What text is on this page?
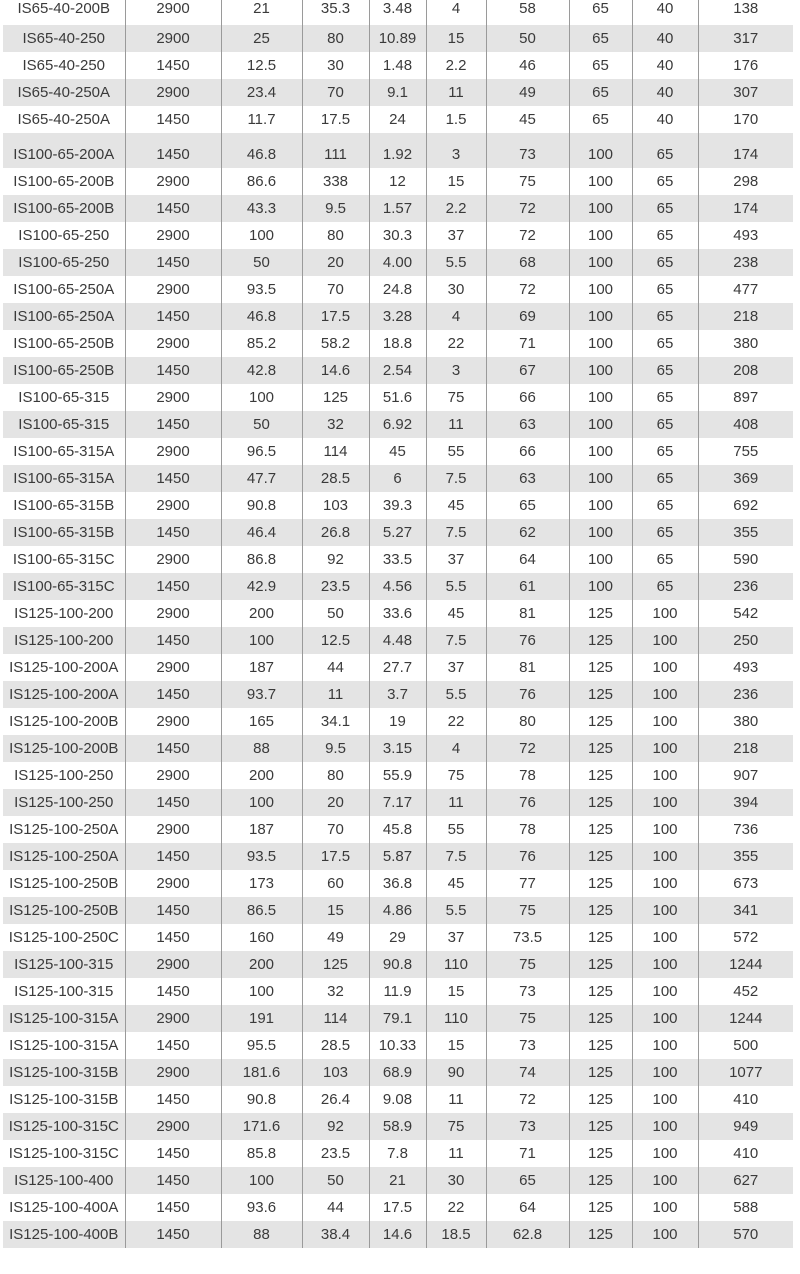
IS65-40-200B	2900	21	35.3	3.48	4	58	65	40	138
IS65-40-250	2900	25	80	10.89	15	50	65	40	317
IS65-40-250	1450	12.5	30	1.48	2.2	46	65	40	176
IS65-40-250A	2900	23.4	70	9.1	11	49	65	40	307
IS65-40-250A	1450	11.7	17.5	24	1.5	45	65	40	170
IS100-65-200A	1450	46.8	111	1.92	3	73	100	65	174
IS100-65-200B	2900	86.6	338	12	15	75	100	65	298
IS100-65-200B	1450	43.3	9.5	1.57	2.2	72	100	65	174
IS100-65-250	2900	100	80	30.3	37	72	100	65	493
IS100-65-250	1450	50	20	4.00	5.5	68	100	65	238
IS100-65-250A	2900	93.5	70	24.8	30	72	100	65	477
IS100-65-250A	1450	46.8	17.5	3.28	4	69	100	65	218
IS100-65-250B	2900	85.2	58.2	18.8	22	71	100	65	380
IS100-65-250B	1450	42.8	14.6	2.54	3	67	100	65	208
IS100-65-315	2900	100	125	51.6	75	66	100	65	897
IS100-65-315	1450	50	32	6.92	11	63	100	65	408
IS100-65-315A	2900	96.5	114	45	55	66	100	65	755
IS100-65-315A	1450	47.7	28.5	6	7.5	63	100	65	369
IS100-65-315B	2900	90.8	103	39.3	45	65	100	65	692
IS100-65-315B	1450	46.4	26.8	5.27	7.5	62	100	65	355
IS100-65-315C	2900	86.8	92	33.5	37	64	100	65	590
IS100-65-315C	1450	42.9	23.5	4.56	5.5	61	100	65	236
IS125-100-200	2900	200	50	33.6	45	81	125	100	542
IS125-100-200	1450	100	12.5	4.48	7.5	76	125	100	250
IS125-100-200A	2900	187	44	27.7	37	81	125	100	493
IS125-100-200A	1450	93.7	11	3.7	5.5	76	125	100	236
IS125-100-200B	2900	165	34.1	19	22	80	125	100	380
IS125-100-200B	1450	88	9.5	3.15	4	72	125	100	218
IS125-100-250	2900	200	80	55.9	75	78	125	100	907
IS125-100-250	1450	100	20	7.17	11	76	125	100	394
IS125-100-250A	2900	187	70	45.8	55	78	125	100	736
IS125-100-250A	1450	93.5	17.5	5.87	7.5	76	125	100	355
IS125-100-250B	2900	173	60	36.8	45	77	125	100	673
IS125-100-250B	1450	86.5	15	4.86	5.5	75	125	100	341
IS125-100-250C	1450	160	49	29	37	73.5	125	100	572
IS125-100-315	2900	200	125	90.8	110	75	125	100	1244
IS125-100-315	1450	100	32	11.9	15	73	125	100	452
IS125-100-315A	2900	191	114	79.1	110	75	125	100	1244
IS125-100-315A	1450	95.5	28.5	10.33	15	73	125	100	500
IS125-100-315B	2900	181.6	103	68.9	90	74	125	100	1077
IS125-100-315B	1450	90.8	26.4	9.08	11	72	125	100	410
IS125-100-315C	2900	171.6	92	58.9	75	73	125	100	949
IS125-100-315C	1450	85.8	23.5	7.8	11	71	125	100	410
IS125-100-400	1450	100	50	21	30	65	125	100	627
IS125-100-400A	1450	93.6	44	17.5	22	64	125	100	588
IS125-100-400B	1450	88	38.4	14.6	18.5	62.8	125	100	570
